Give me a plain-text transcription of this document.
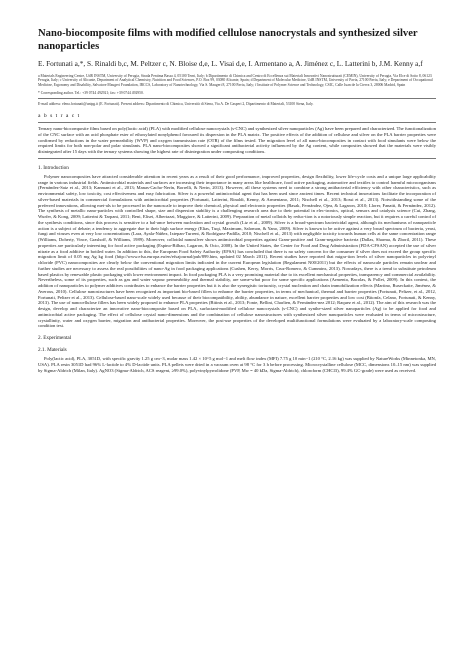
Nano-biocomposite films with modified cellulose nanocrystals and synthesized silver nanoparticles
E. Fortunati a,*, S. Rinaldi b,c, M. Peltzer c, N. Bloise d,e, L. Visai d,e, I. Armentano a, A. Jiménez c, L. Latterini b, J.M. Kenny a,f
a Materials Engineering Centre, UdR INSTM, University of Perugia, Strada Pentima Bassa 4, 05100 Terni, Italy; b Dipartimento di Chimica and Centro di Eccellenza sui Materiali Innovativi Nanostrutturati (CEMIN), University of Perugia, Via Elce di Sotto 8, 06123 Perugia, Italy; c University of Alicante, Department of Analytical Chemistry, Nutrition and Food Sciences, P.O. Box 99, 03080 Alicante, Spain; d Department of Molecular Medicine, UdR INSTM, University of Pavia, 27100 Pavia, Italy; e Department of Occupational Medicine, Ergonomy and Disability, Salvatore Maugeri Foundation, IRCCS, Laboratory of Nanotechnology, Via S. Maugeri 8, 27100 Pavia, Italy; f Institute of Polymer Science and Technology, CSIC, Calle Juan de la Cierva 3, 28006 Madrid, Spain
* Corresponding author. Tel.: +39 0744 492921; fax: +39 0744 492950.
E-mail address: elena.fortunati@unipg.it (E. Fortunati). Present address: Dipartimento di Chimica, Università di Siena, Via A. De Gasperi 2, Dipartimento di Materiali, 53100 Siena, Italy.
a b s t r a c t
Ternary nano-biocomposite films based on poly(lactic acid) (PLA) with modified cellulose nanocrystals (s-CNC) and synthesized silver nanoparticles (Ag) have been prepared and characterized. The functionalization of the CNC surface with an acid phosphate ester of ethoxylated nonylphenol favoured its dispersion in the PLA matrix. The positive effects of the addition of cellulose and silver on the PLA barrier properties were confirmed by reductions in the water permeability (WVP) and oxygen transmission rate (OTR) of the films tested. The migration level of all nano-biocomposites in contact with food simulants were below the required limits for both non-polar and polar simulants. PLA nano-biocomposites showed a significant antibacterial activity influenced by the Ag content, while composites showed that the materials were visibly disintegrated after 15 days with the ternary systems showing the highest rate of disintegration under composting conditions.
1. Introduction
Polymer nanocomposites have attracted considerable attention in recent years as a result of their good performance, improved properties, design flexibility, lower life-cycle costs and a unique large applicability range in various industrial fields. Antimicrobial materials and surfaces are increasing their importance in many areas like healthcare, food active packaging, automotive and textiles to control harmful microorganisms (Fernández-Saiz et al., 2013; Kanmani et al., 2013; Manas-Cacho-Nerín, Borrelli, & Nerin, 2013). However, all these systems need to combine a strong antibacterial efficiency with other characteristics, such as environmental safety, low toxicity, cost effectiveness and easy fabrication. Silver is a powerful antimicrobial agent that has been used since ancient times. Recent technical innovations facilitate the incorporation of silver-based materials in commercial formulations with antimicrobial properties (Fortunati, Latterini, Rinaldi, Kenny, & Armentano, 2011; Nischell et al., 2013; Rossi et al., 2013). Notwithstanding some of the preferred innovations, allowing met-als to be processed in the nanoscale to improve their chemical, physical and electronic properties (Basak, Fernández, Ojea, & Lagaron, 2010; Llorer, Fanatti, & Fernández, 2012). The synthesis of metallic nano-particles with controlled shape, size and dispersion stability is a challenging research area due to their potential in elec-tronics, optical, sensors and catalysis science (Cui, Zhang, Wurfer, & Kong, 2009; Latterini & Tarpani, 2011; Beni, Elisei, Albertazzi, Maggiore, & Latterini, 2009). Preparation of metal colloids by reduc-tion is a notoriously simple reaction, but it requires a careful control of the synthesis conditions, since this process is sensitive to a bal-ance between nucleation and crystal growth (Liz et al., 2009). Silver is a broad-spectrum bactericidal agent, although its mechanisms of nanoparticle action is a subject of debate; a tendency to aggregate due to their high surface energy (Elias, Tuqi, Maximum, Salomon, & Yano, 2009). Silver is known to be active against a very broad spectrum of bacteria, yeast, fungi and viruses even at very low concentrations (Lara, Ayala-Núñez, Ixtepan-Turrent, & Rodríguez-Padilla, 2010; Nischell et al., 2013) with negligible toxicity towards human cells at the same concentration range (Williams, Doherty, Vince, Grashoff, & Williams, 1989). Moreover, colloidal nanosilver shows antimicrobial properties against Gram-positive and Gram-negative bacteria (Dallas, Sharma, & Zboril, 2011). These properties are particularly interesting for food active packaging (Espino-Bilbao, Lagaron, & Ocio, 2008). In the United States, the Center for Food and Drug Administration (FDA-CFSAN) accepted the use of silver nitrate as a food additive in bottled water. In addition to this, the European Food Safety Authority (EFSA) has concluded that there is no safety concern for the consumer if silver does not exceed the group specific migration limit of 0.05 mg Ag kg food (http://www.efsa.europa.eu/en/efsajournal/pub/899.htm, updated 02 March 2011). Recent studies have reported that migra-tion levels of silver nanoparticles in polyvinyl chloride (PVC) nanocomposites are clearly below the conventional migration limits indicated in the current European legislation (Regulament N00/2011) but the effects of nanoscale particles remain unclear and further studies are necessary to assess the real possibilities of nano-Ag in food packaging applications (Cushen, Kerry, Morris, Cruz-Romero, & Cummins, 2013). Nowadays, there is a trend to substitute petroleum based plastics by renewable plastic packaging with lower environment impact. In food packaging PLA is a very promising material due to its excellent mechanical properties, transparency and commercial availability. Nevertheless, some of its properties, such as gas and water vapour permeability and thermal stability, are some-what poor for some specific applications (Armenta, Bacolas, & Pollet, 2009). In this context, the addition of nanoparticles to polymer additives contributes to enhance the barrier properties but it is also the synergistic tortuosity, crystal nucleation and chain immobilization effects (Martino, Ruseckaite, Jiménez, & Averous, 2010). Cellulose nanostructures have been recognized as important bio-based fillers to enhance the barrier properties, in terms of mechanical, thermal and barrier properties (Fortunati, Peltzer, et al., 2012, Fortunati, Peltzer et al., 2013). Cellulose-based nano-scale widely used because of their biocompatibility, ability, abundance in nature, excellent barrier properties and low cost (Bitonfa, Celano, Fortunati, & Kenny, 2013). The use of nanocellulose fillers has been widely proposed to enhance PLA properties (Bitinis et al., 2013; Fonte, Bellini, Charlien, & Fernández-nez 2012; Raquez et al., 2012). The aim of this research was the design, develop and characterize an innovative nano-biocomposite based on PLA, surfactant-modified cellulose nanocrystals (s-CNC) and synthe-sized silver nanoparticles (Ag) to be applied for food and antimicrobial active packaging. The effect of cellulose crystal nano-dimensions and the combination of cellulose nanostructures with synthesized silver nanoparticles were evaluated in terms of microstructure, crystallinity, water and oxygen barrier, migration and antibacterial properties. Moreover, the post-use properties of the developed multifunctional formulations were evaluated by a laboratory-scale composting condition test.
2. Experimental
2.1. Materials
Poly(lactic acid), PLA, 3051D, with specific gravity 1.25 g cm−3, molar mass 1.42 × 10^5 g mol−1 and melt flow index (MFI) 7.75 g 10 min−1 (210 °C, 2.16 kg) was supplied by NatureWorks (Minnetonka, MN, USA). PLA resin 3051D had 96% L-lactide to 4% D-lactide units. PLA pellets were dried in a vacuum oven at 98 °C for 3 h before processing. Microcrystalline cellulose (MCC, dimensions 10–15 nm) was supplied by Sigma-Aldrich (Milan, Italy). AgNO3 (Sigma-Aldrich, ACS reagent, ≥99.0%), polyvinylpyrrolidone (PVP, Mw = 40 kDa, Sigma-Aldrich), chloroform (CHCl3), 99.4% GC-grade) were used as received.
